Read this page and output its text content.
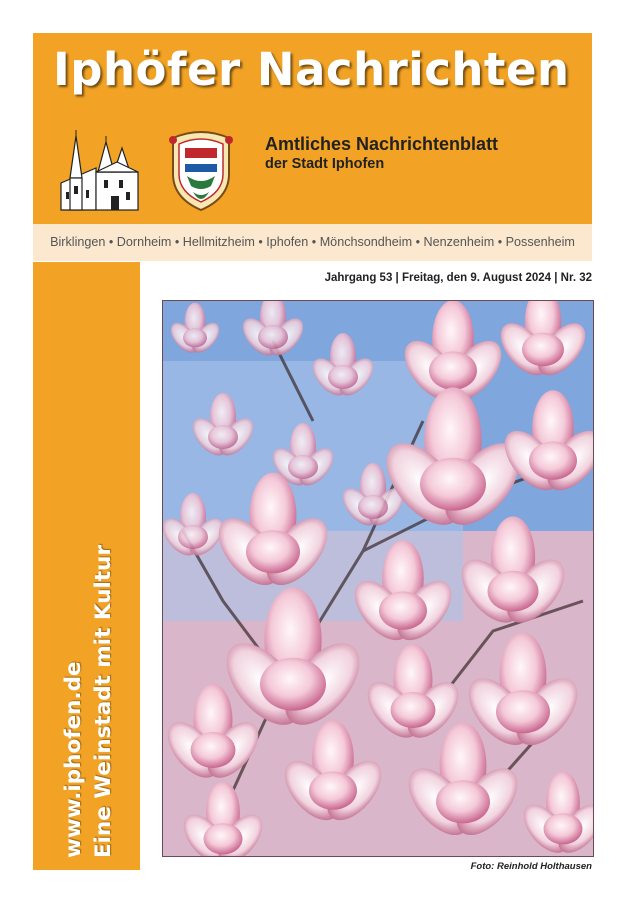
Iphöfer Nachrichten
Amtliches Nachrichtenblatt
der Stadt Iphofen
Birklingen • Dornheim • Hellmitzheim • Iphofen • Mönchsondheim • Nenzenheim • Possenheim
www.iphofen.de Eine Weinstadt mit Kultur
Jahrgang 53 | Freitag, den 9. August 2024 | Nr. 32
Foto: Reinhold Holthausen
